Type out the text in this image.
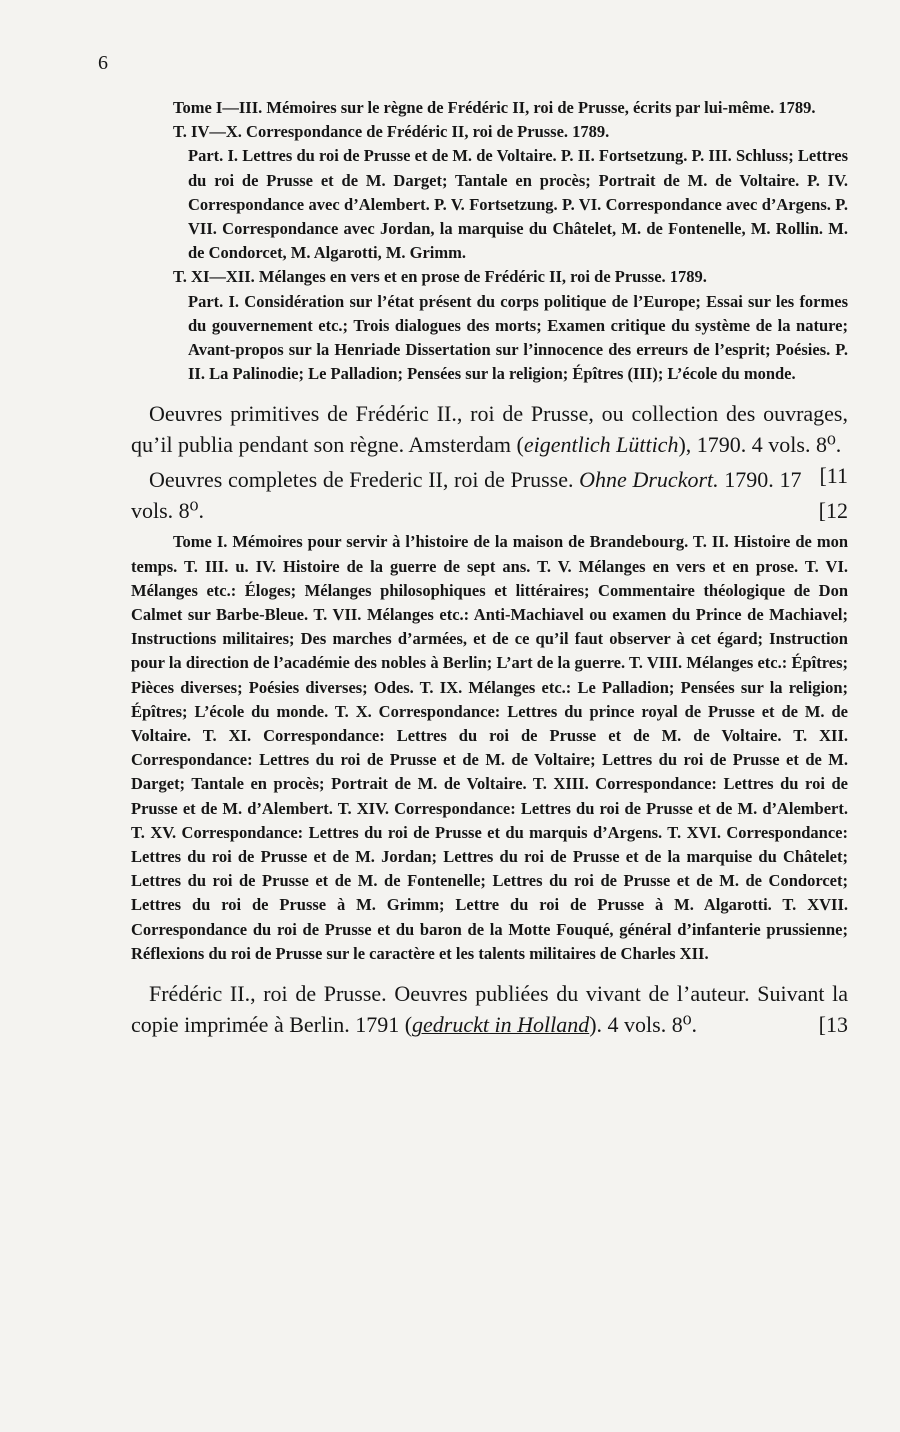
6

Tome I—III. Mémoires sur le règne de Frédéric II, roi de Prusse, écrits par lui-même. 1789.

T. IV—X. Correspondance de Frédéric II, roi de Prusse. 1789.

Part. I. Lettres du roi de Prusse et de M. de Voltaire. P. II. Fortsetzung. P. III. Schluss; Lettres du roi de Prusse et de M. Darget; Tantale en procès; Portrait de M. de Voltaire. P. IV. Correspondance avec d’Alembert. P. V. Fortsetzung. P. VI. Correspondance avec d’Argens. P. VII. Correspondance avec Jordan, la marquise du Châtelet, M. de Fontenelle, M. Rollin. M. de Condorcet, M. Algarotti, M. Grimm.

T. XI—XII. Mélanges en vers et en prose de Frédéric II, roi de Prusse. 1789.

Part. I. Considération sur l’état présent du corps politique de l’Europe; Essai sur les formes du gouvernement etc.; Trois dialogues des morts; Examen critique du système de la nature; Avant-propos sur la Henriade Dissertation sur l’innocence des erreurs de l’esprit; Poésies. P. II. La Palinodie; Le Palladion; Pensées sur la religion; Épîtres (III); L’école du monde.

Oeuvres primitives de Frédéric II., roi de Prusse, ou collection des ouvrages, qu’il publia pendant son règne. Amsterdam (eigentlich Lüttich), 1790. 4 vols. 8⁰.
[11
Oeuvres completes de Frederic II, roi de Prusse. Ohne Druckort. 1790. 17 vols. 8⁰.	[12

Tome I. Mémoires pour servir à l’histoire de la maison de Brandebourg. T. II. Histoire de mon temps. T. III. u. IV. Histoire de la guerre de sept ans. T. V. Mélanges en vers et en prose. T. VI. Mélanges etc.: Éloges; Mélanges philosophiques et littéraires; Commentaire théologique de Don Calmet sur Barbe-Bleue. T. VII. Mélanges etc.: Anti-Machiavel ou examen du Prince de Machiavel; Instructions militaires; Des marches d’armées, et de ce qu’il faut observer à cet égard; Instruction pour la direction de l’académie des nobles à Berlin; L’art de la guerre. T. VIII. Mélanges etc.: Épîtres; Pièces diverses; Poésies diverses; Odes. T. IX. Mélanges etc.: Le Palladion; Pensées sur la religion; Épîtres; L’école du monde. T. X. Correspondance: Lettres du prince royal de Prusse et de M. de Voltaire. T. XI. Correspondance: Lettres du roi de Prusse et de M. de Voltaire. T. XII. Correspondance: Lettres du roi de Prusse et de M. de Voltaire; Lettres du roi de Prusse et de M. Darget; Tantale en procès; Portrait de M. de Voltaire. T. XIII. Correspondance: Lettres du roi de Prusse et de M. d’Alembert. T. XIV. Correspondance: Lettres du roi de Prusse et de M. d’Alembert. T. XV. Correspondance: Lettres du roi de Prusse et du marquis d’Argens. T. XVI. Correspondance: Lettres du roi de Prusse et de M. Jordan; Lettres du roi de Prusse et de la marquise du Châtelet; Lettres du roi de Prusse et de M. de Fontenelle; Lettres du roi de Prusse et de M. de Condorcet; Lettres du roi de Prusse à M. Grimm; Lettre du roi de Prusse à M. Algarotti. T. XVII. Correspondance du roi de Prusse et du baron de la Motte Fouqué, général d’infanterie prussienne; Réflexions du roi de Prusse sur le caractère et les talents militaires de Charles XII.

Frédéric II., roi de Prusse. Oeuvres publiées du vivant de l’auteur. Suivant la copie imprimée à Berlin. 1791 (gedruckt in Holland). 4 vols. 8⁰.	[13
